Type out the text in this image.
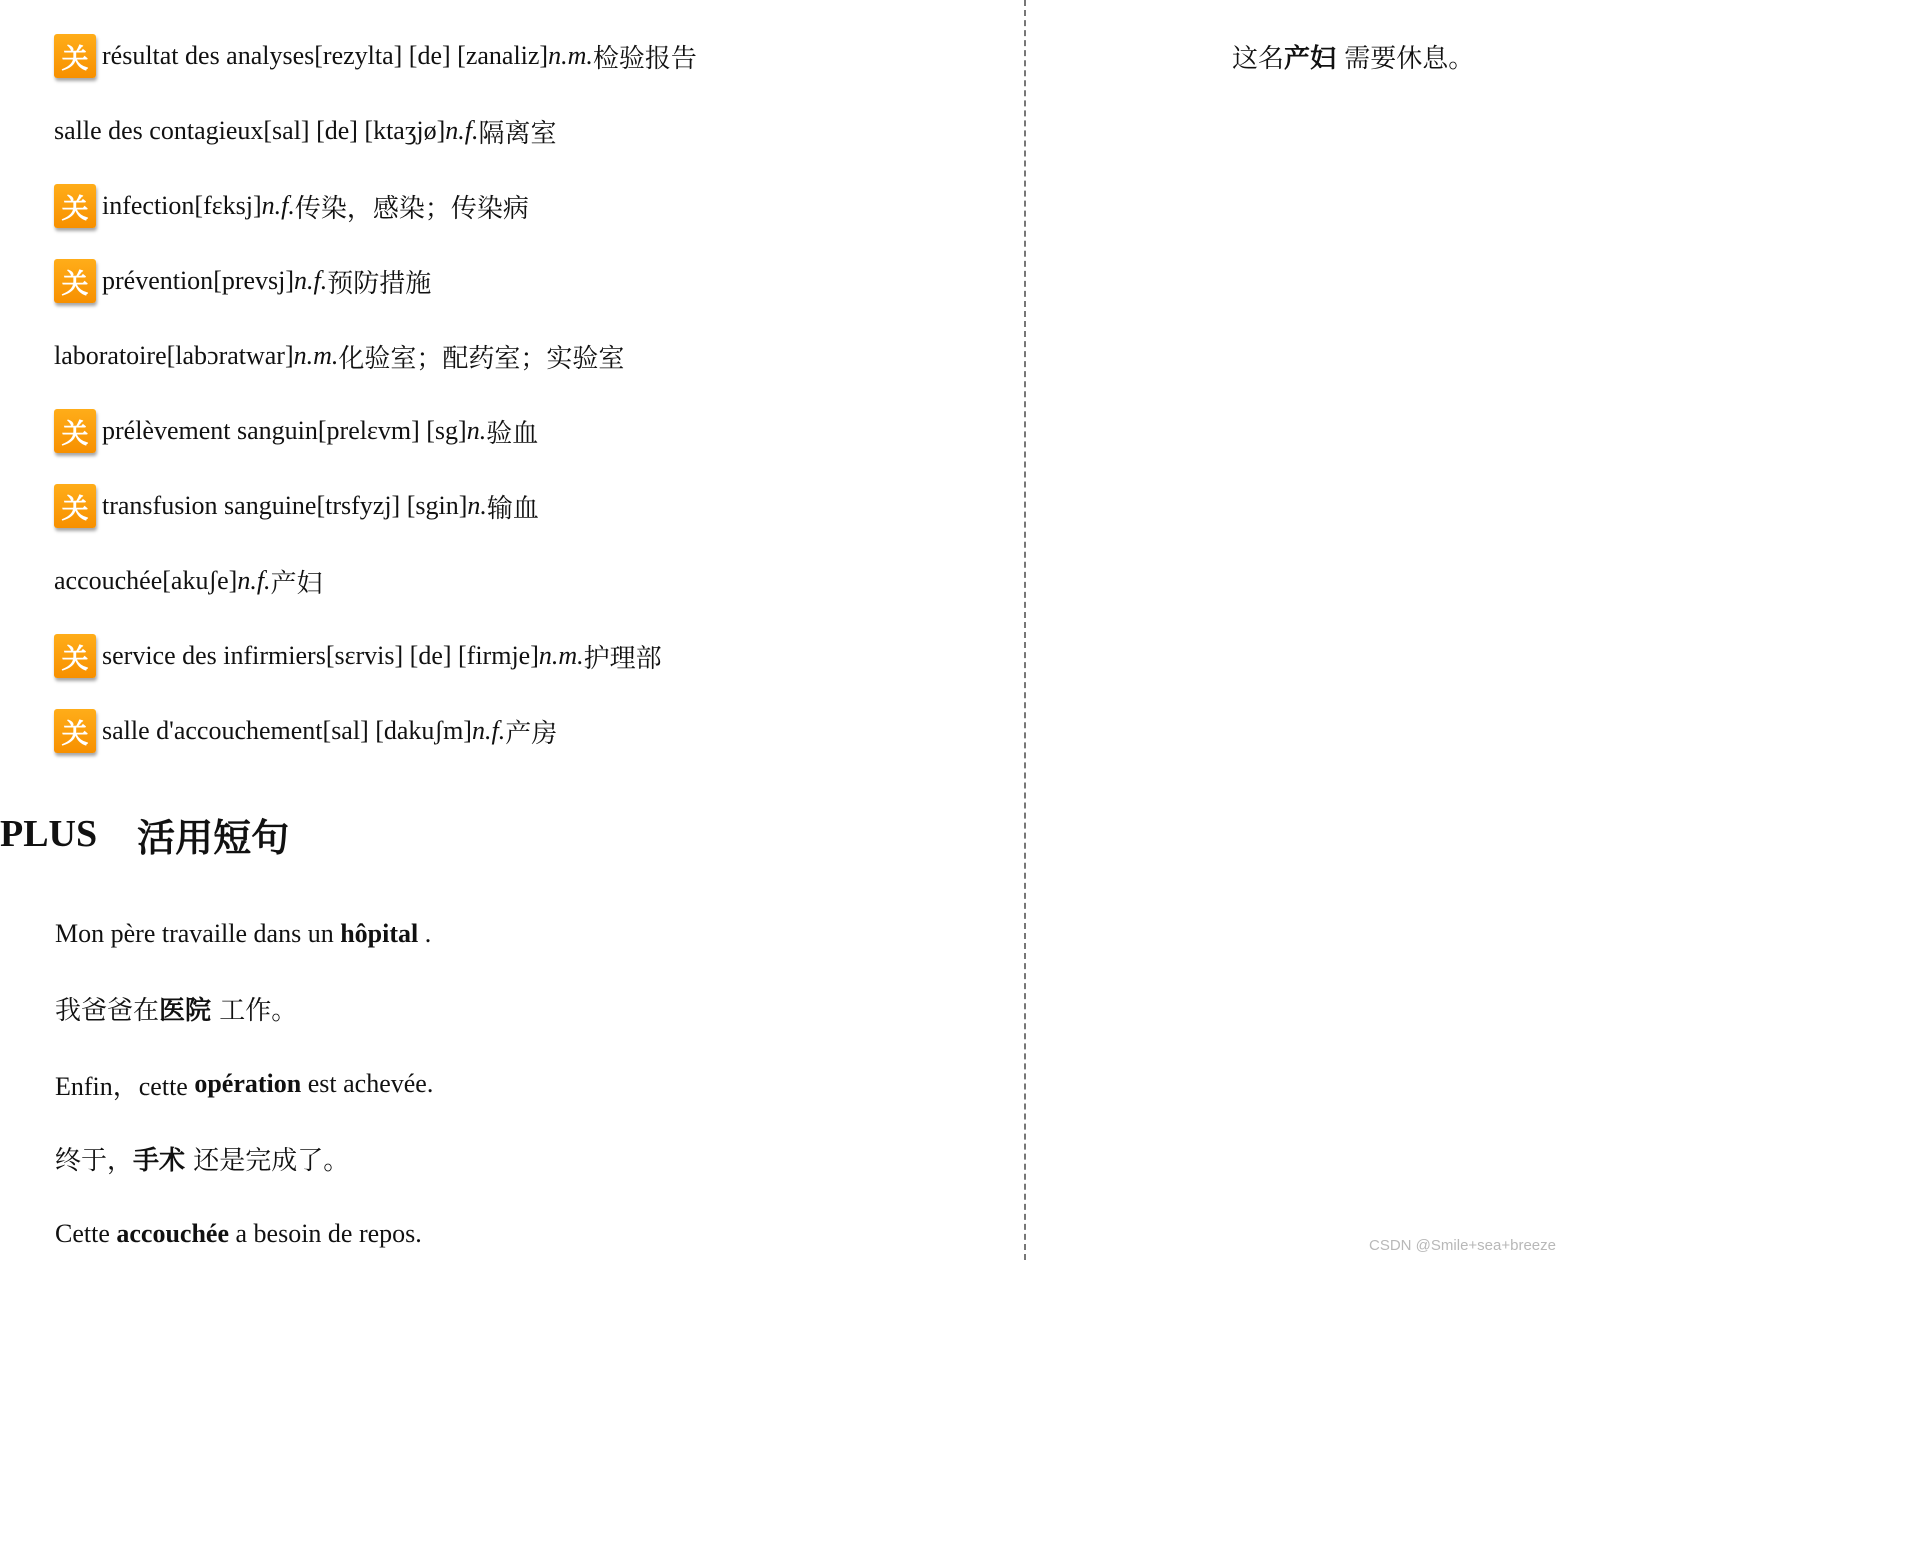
关 résultat des analyses [rezylta] [de] [zanaliz] n.m. 检验报告
salle des contagieux [sal] [de] [ktaʒjø] n.f. 隔离室
关 infection [fɛksj] n.f. 传染，感染；传染病
关 prévention [prevsj] n.f. 预防措施
laboratoire [labɔratwar] n.m. 化验室；配药室；实验室
关 prélèvement sanguin [prelɛvm] [sg] n. 验血
关 transfusion sanguine [trsfyzj] [sgin] n. 输血
accouchée [akuʃe] n.f. 产妇
关 service des infirmiers [sɛrvis] [de] [firmje] n.m. 护理部
关 salle d'accouchement [sal] [dakuʃm] n.f. 产房
PLUS 活用短句
Mon père travaille dans un hôpital .
我爸爸在 医院 工作。
Enfin，cette opération est achevée.
终于， 手术 还是完成了。
Cette accouchée a besoin de repos.
这名 产妇 需要休息。
CSDN @Smile+sea+breeze
